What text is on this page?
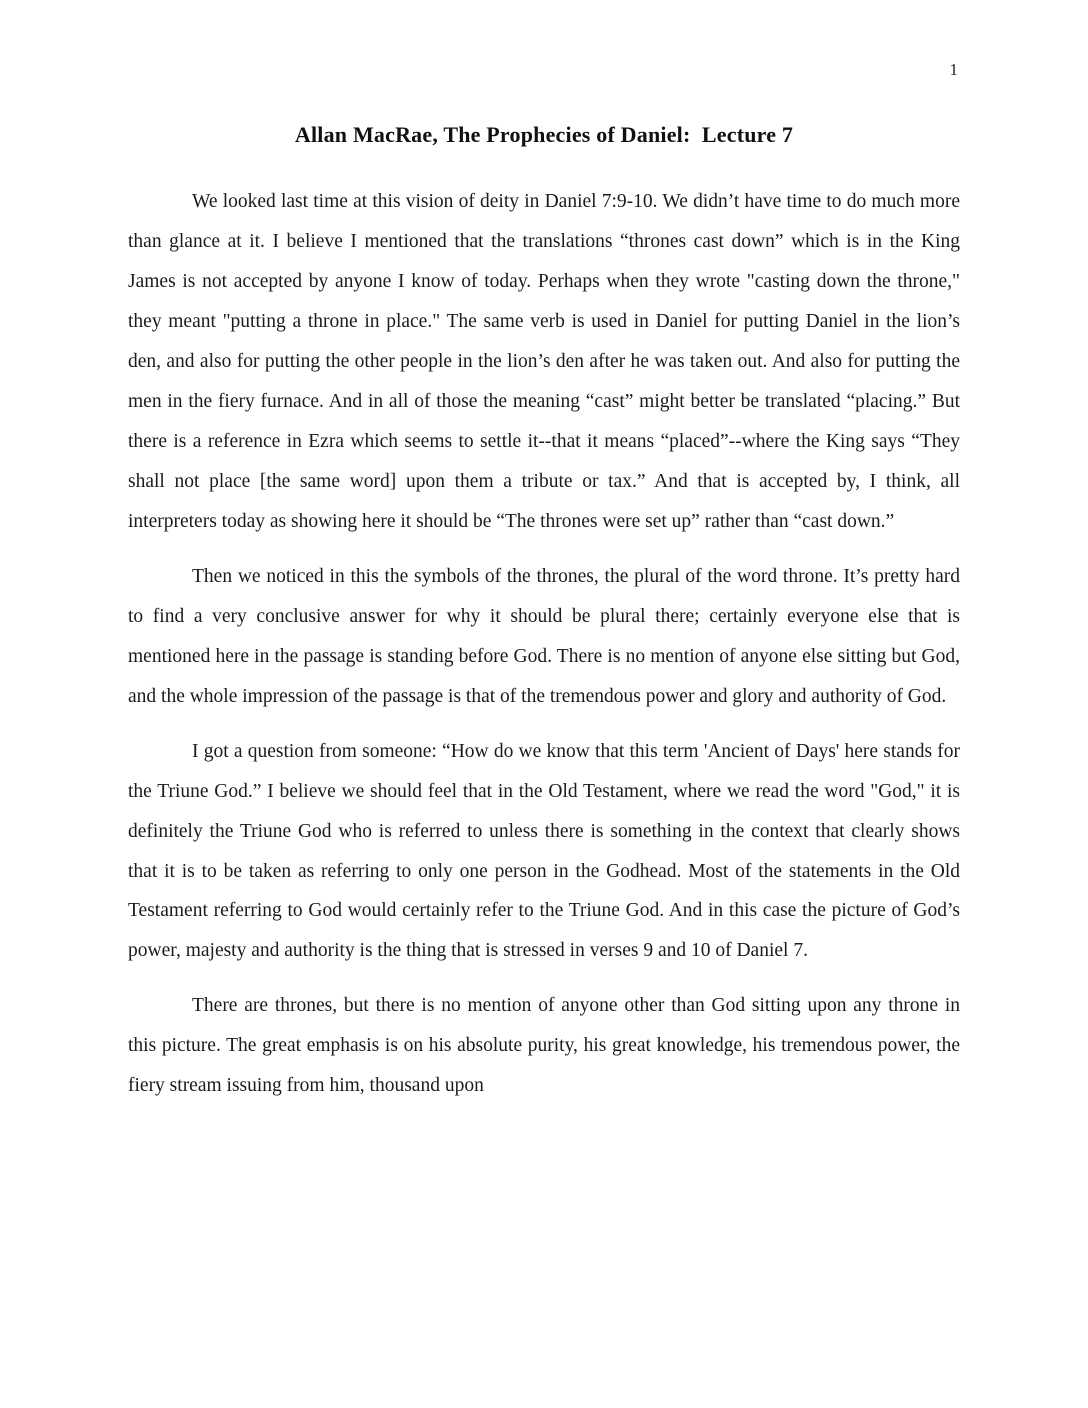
1
Allan MacRae, The Prophecies of Daniel:  Lecture 7

We looked last time at this vision of deity in Daniel 7:9-10. We didn’t have time to do much more than glance at it. I believe I mentioned that the translations “thrones cast down” which is in the King James is not accepted by anyone I know of today. Perhaps when they wrote "casting down the throne," they meant "putting a throne in place." The same verb is used in Daniel for putting Daniel in the lion’s den, and also for putting the other people in the lion’s den after he was taken out. And also for putting the men in the fiery furnace. And in all of those the meaning “cast” might better be translated “placing.” But there is a reference in Ezra which seems to settle it--that it means “placed”--where the King says “They shall not place [the same word] upon them a tribute or tax.” And that is accepted by, I think, all interpreters today as showing here it should be “The thrones were set up” rather than “cast down.”

Then we noticed in this the symbols of the thrones, the plural of the word throne. It’s pretty hard to find a very conclusive answer for why it should be plural there; certainly everyone else that is mentioned here in the passage is standing before God. There is no mention of anyone else sitting but God, and the whole impression of the passage is that of the tremendous power and glory and authority of God.

I got a question from someone: “How do we know that this term 'Ancient of Days' here stands for the Triune God.” I believe we should feel that in the Old Testament, where we read the word "God," it is definitely the Triune God who is referred to unless there is something in the context that clearly shows that it is to be taken as referring to only one person in the Godhead. Most of the statements in the Old Testament referring to God would certainly refer to the Triune God. And in this case the picture of God’s power, majesty and authority is the thing that is stressed in verses 9 and 10 of Daniel 7.

There are thrones, but there is no mention of anyone other than God sitting upon any throne in this picture. The great emphasis is on his absolute purity, his great knowledge, his tremendous power, the fiery stream issuing from him, thousand upon
